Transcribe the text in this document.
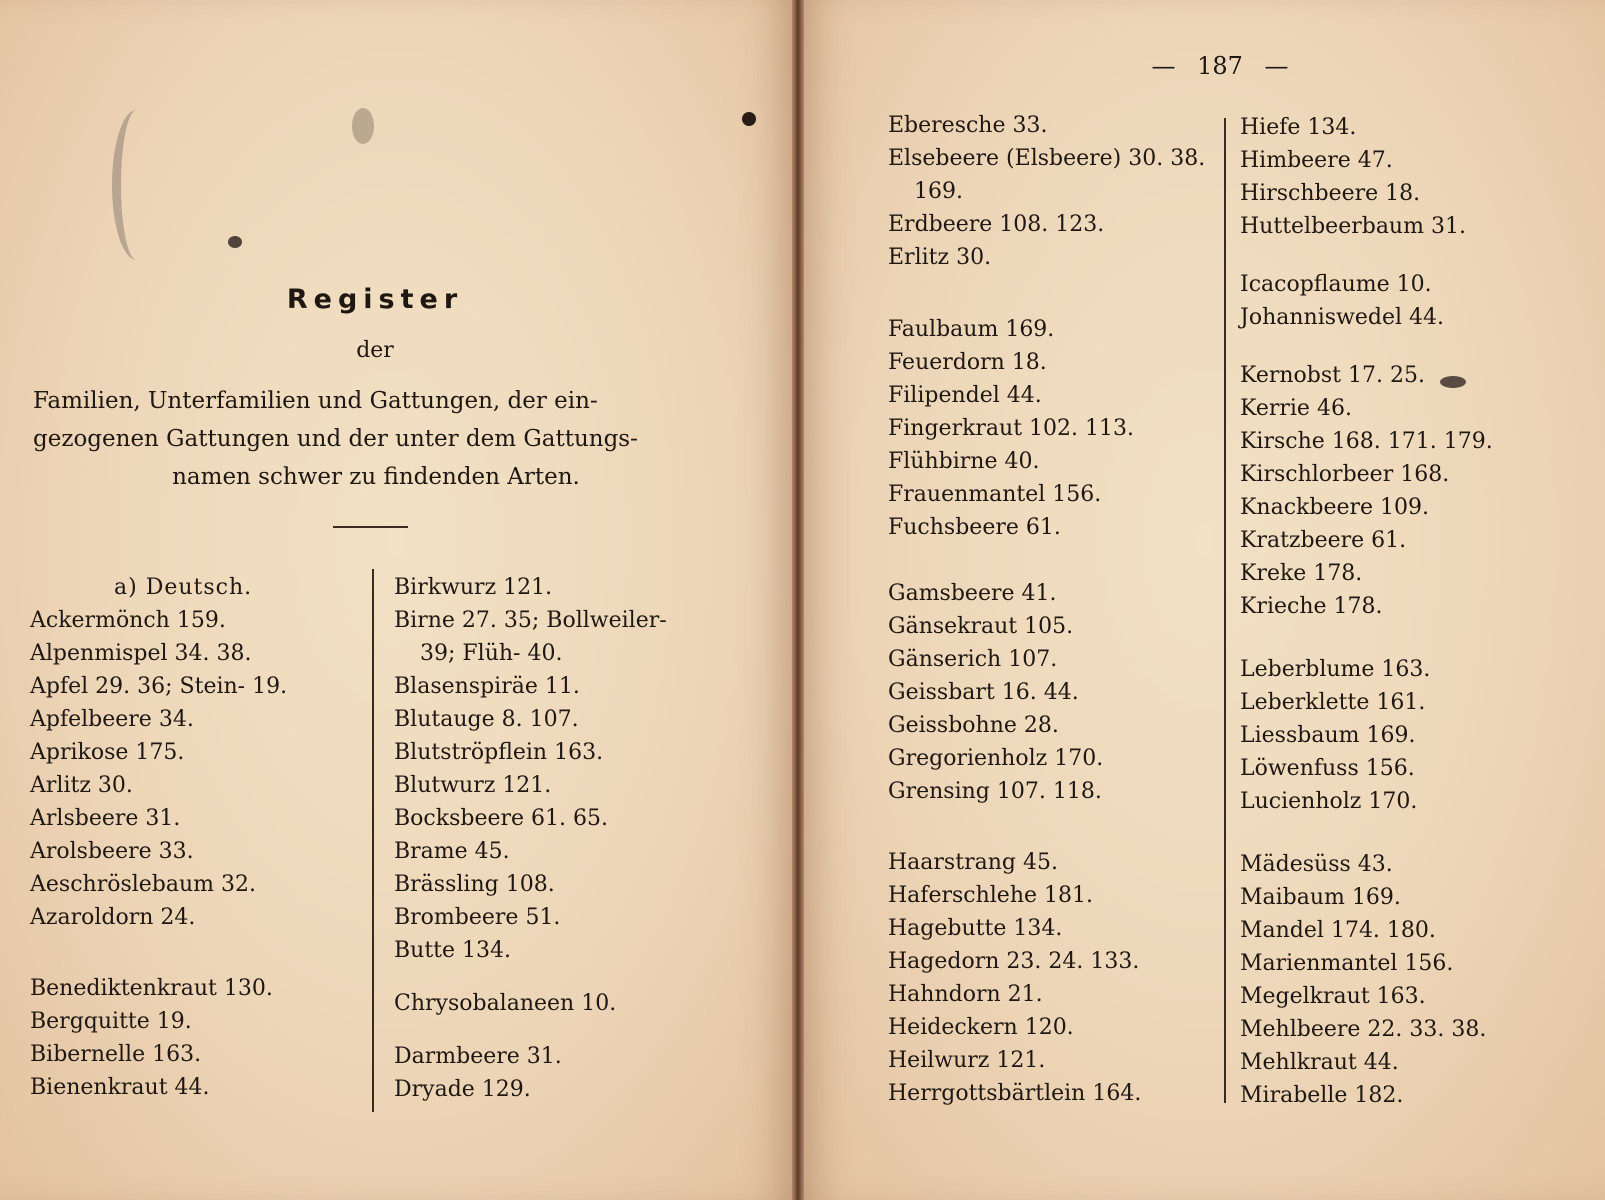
Register
der
Familien, Unterfamilien und Gattungen, der ein-
gezogenen Gattungen und der unter dem Gattungs-
namen schwer zu findenden Arten.
a) Deutsch.
Ackermönch 159.
Alpenmispel 34. 38.
Apfel 29. 36; Stein- 19.
Apfelbeere 34.
Aprikose 175.
Arlitz 30.
Arlsbeere 31.
Arolsbeere 33.
Aeschröslebaum 32.
Azaroldorn 24.
Benediktenkraut 130.
Bergquitte 19.
Bibernelle 163.
Bienenkraut 44.
Birkwurz 121.
Birne 27. 35; Bollweiler-
39; Flüh- 40.
Blasenspiräe 11.
Blutauge 8. 107.
Blutströpflein 163.
Blutwurz 121.
Bocksbeere 61. 65.
Brame 45.
Brässling 108.
Brombeere 51.
Butte 134.
Chrysobalaneen 10.
Darmbeere 31.
Dryade 129.
— 187 —
Eberesche 33.
Elsebeere (Elsbeere) 30. 38.
169.
Erdbeere 108. 123.
Erlitz 30.
Faulbaum 169.
Feuerdorn 18.
Filipendel 44.
Fingerkraut 102. 113.
Flühbirne 40.
Frauenmantel 156.
Fuchsbeere 61.
Gamsbeere 41.
Gänsekraut 105.
Gänserich 107.
Geissbart 16. 44.
Geissbohne 28.
Gregorienholz 170.
Grensing 107. 118.
Haarstrang 45.
Haferschlehe 181.
Hagebutte 134.
Hagedorn 23. 24. 133.
Hahndorn 21.
Heideckern 120.
Heilwurz 121.
Herrgottsbärtlein 164.
Hiefe 134.
Himbeere 47.
Hirschbeere 18.
Huttelbeerbaum 31.
Icacopflaume 10.
Johanniswedel 44.
Kernobst 17. 25.
Kerrie 46.
Kirsche 168. 171. 179.
Kirschlorbeer 168.
Knackbeere 109.
Kratzbeere 61.
Kreke 178.
Krieche 178.
Leberblume 163.
Leberklette 161.
Liessbaum 169.
Löwenfuss 156.
Lucienholz 170.
Mädesüss 43.
Maibaum 169.
Mandel 174. 180.
Marienmantel 156.
Megelkraut 163.
Mehlbeere 22. 33. 38.
Mehlkraut 44.
Mirabelle 182.
